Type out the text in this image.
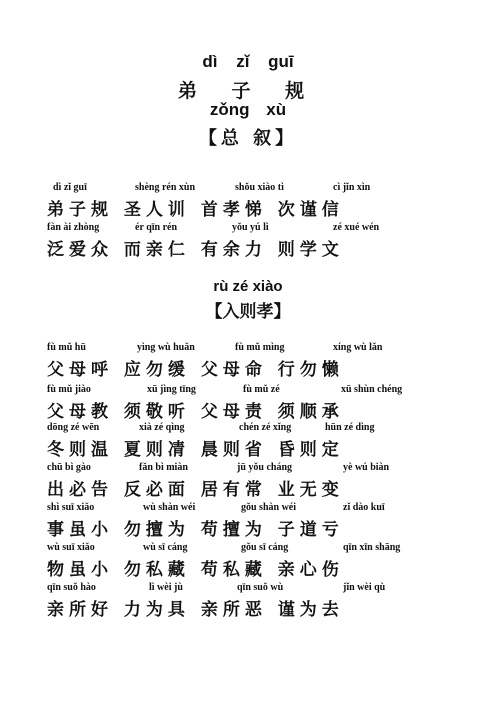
dì zǐ guī
弟 子 规
zǒng xù
【总 叙】
dì zǐ guī	shèng rén xùn	shǒu xiào tì	cì jǐn xìn
弟子规 圣人训 首孝悌 次谨信
fàn ài zhòng	ér qīn rén	yǒu yú lì	zé xué wén
泛爱众 而亲仁 有余力 则学文
rù zé xiào
【入则孝】
fù mǔ hū	yìng wù huǎn	fù mǔ mìng	xíng wù lǎn
父母呼 应勿缓 父母命 行勿懒
fù mǔ jiào	xū jìng tīng	fù mǔ zé	xū shùn chéng
父母教 须敬听 父母责 须顺承
dōng zé wēn	xià zé qìng	chén zé xǐng	hūn zé dìng
冬则温 夏则凊 晨则省 昏则定
chū bì gào	fǎn bì miàn	jū yǒu cháng	yè wú biàn
出必告 反必面 居有常 业无变
shì suī xiǎo	wù shàn wéi	gǒu shàn wéi	zǐ dào kuī
事虽小 勿擅为 苟擅为 子道亏
wù suī xiǎo	wù sī cáng	gǒu sī cáng	qīn xīn shāng
物虽小 勿私藏 苟私藏 亲心伤
qīn suǒ hào	lì wèi jù	qīn suǒ wù	jǐn wèi qù
亲所好 力为具 亲所恶 谨为去
